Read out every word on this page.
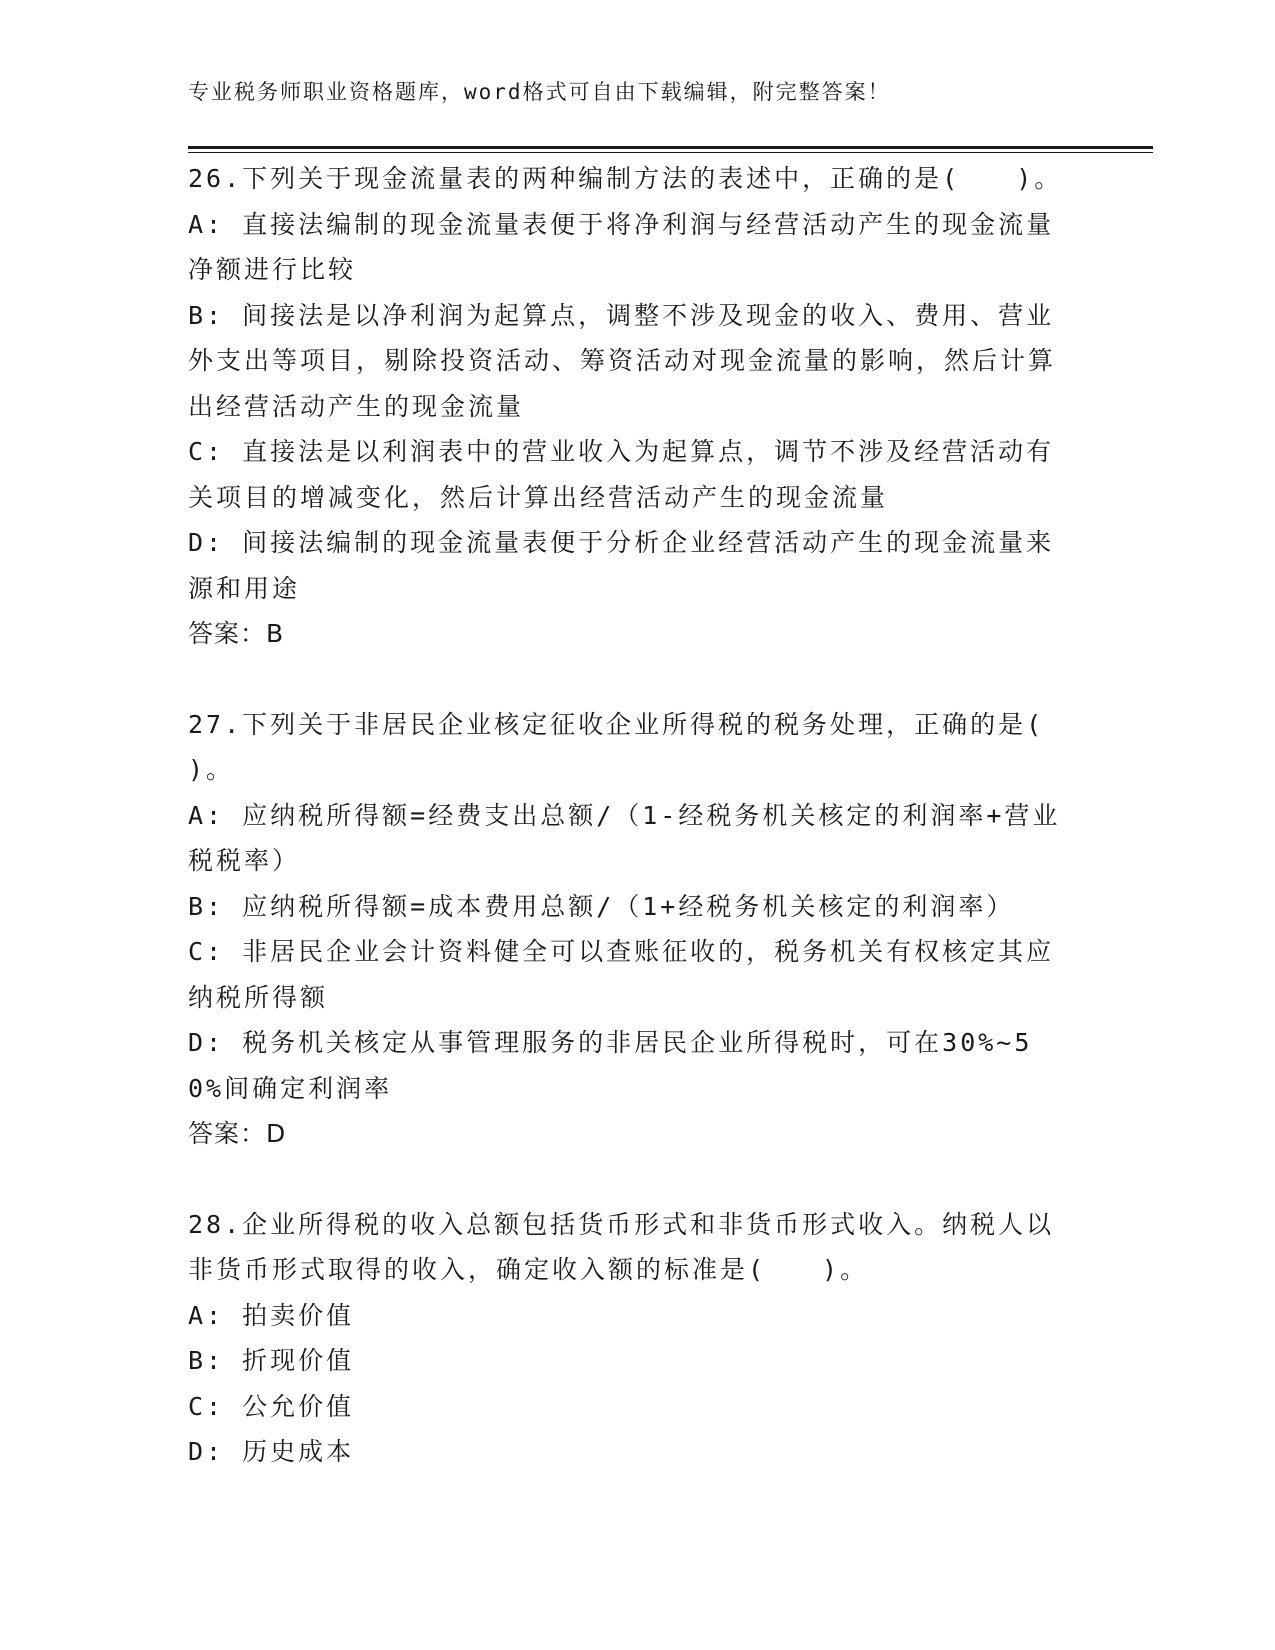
专业税务师职业资格题库，word格式可自由下载编辑，附完整答案！
26.下列关于现金流量表的两种编制方法的表述中，正确的是(　　)。
A: 直接法编制的现金流量表便于将净利润与经营活动产生的现金流量净额进行比较
B: 间接法是以净利润为起算点，调整不涉及现金的收入、费用、营业外支出等项目，剔除投资活动、筹资活动对现金流量的影响，然后计算出经营活动产生的现金流量
C: 直接法是以利润表中的营业收入为起算点，调节不涉及经营活动有关项目的增减变化，然后计算出经营活动产生的现金流量
D: 间接法编制的现金流量表便于分析企业经营活动产生的现金流量来源和用途
答案：B
27.下列关于非居民企业核定征收企业所得税的税务处理，正确的是(　　)。
A: 应纳税所得额=经费支出总额/（1-经税务机关核定的利润率+营业税税率）
B: 应纳税所得额=成本费用总额/（1+经税务机关核定的利润率）
C: 非居民企业会计资料健全可以查账征收的，税务机关有权核定其应纳税所得额
D: 税务机关核定从事管理服务的非居民企业所得税时，可在30%~50%间确定利润率
答案：D
28.企业所得税的收入总额包括货币形式和非货币形式收入。纳税人以非货币形式取得的收入，确定收入额的标准是(　　)。
A: 拍卖价值
B: 折现价值
C: 公允价值
D: 历史成本
